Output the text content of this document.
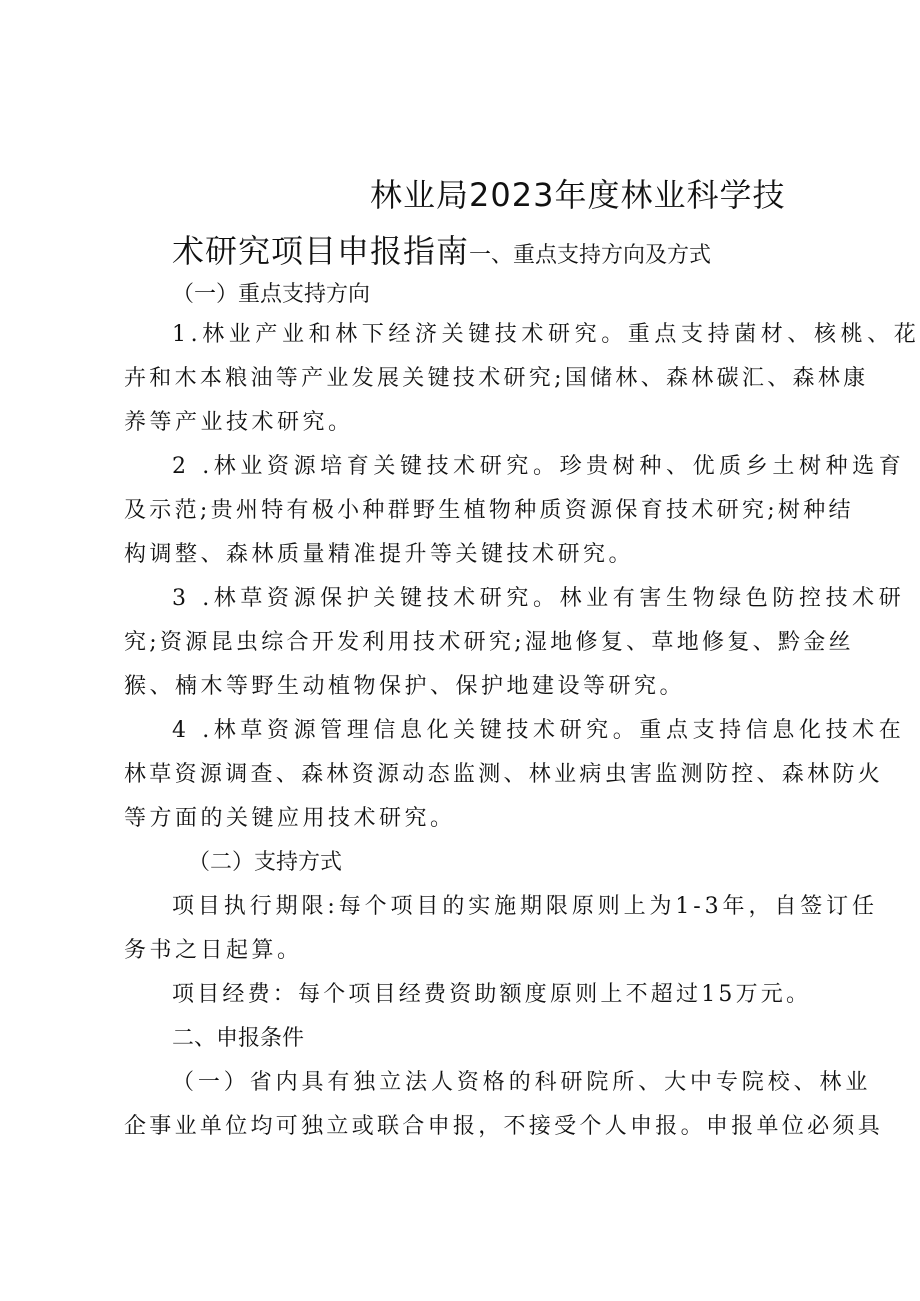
林业局2023年度林业科学技
术研究项目申报指南一、重点支持方向及方式
（一）重点支持方向
1.林业产业和林下经济关键技术研究。重点支持菌材、核桃、花
卉和木本粮油等产业发展关键技术研究;国储林、森林碳汇、森林康
养等产业技术研究。
2 .林业资源培育关键技术研究。珍贵树种、优质乡土树种选育
及示范;贵州特有极小种群野生植物种质资源保育技术研究;树种结
构调整、森林质量精准提升等关键技术研究。
3 .林草资源保护关键技术研究。林业有害生物绿色防控技术研
究;资源昆虫综合开发利用技术研究;湿地修复、草地修复、黔金丝
猴、楠木等野生动植物保护、保护地建设等研究。
4 .林草资源管理信息化关键技术研究。重点支持信息化技术在
林草资源调查、森林资源动态监测、林业病虫害监测防控、森林防火
等方面的关键应用技术研究。
（二）支持方式
项目执行期限:每个项目的实施期限原则上为1-3年，自签订任
务书之日起算。
项目经费：每个项目经费资助额度原则上不超过15万元。
二、申报条件
（一）省内具有独立法人资格的科研院所、大中专院校、林业
企事业单位均可独立或联合申报，不接受个人申报。申报单位必须具
